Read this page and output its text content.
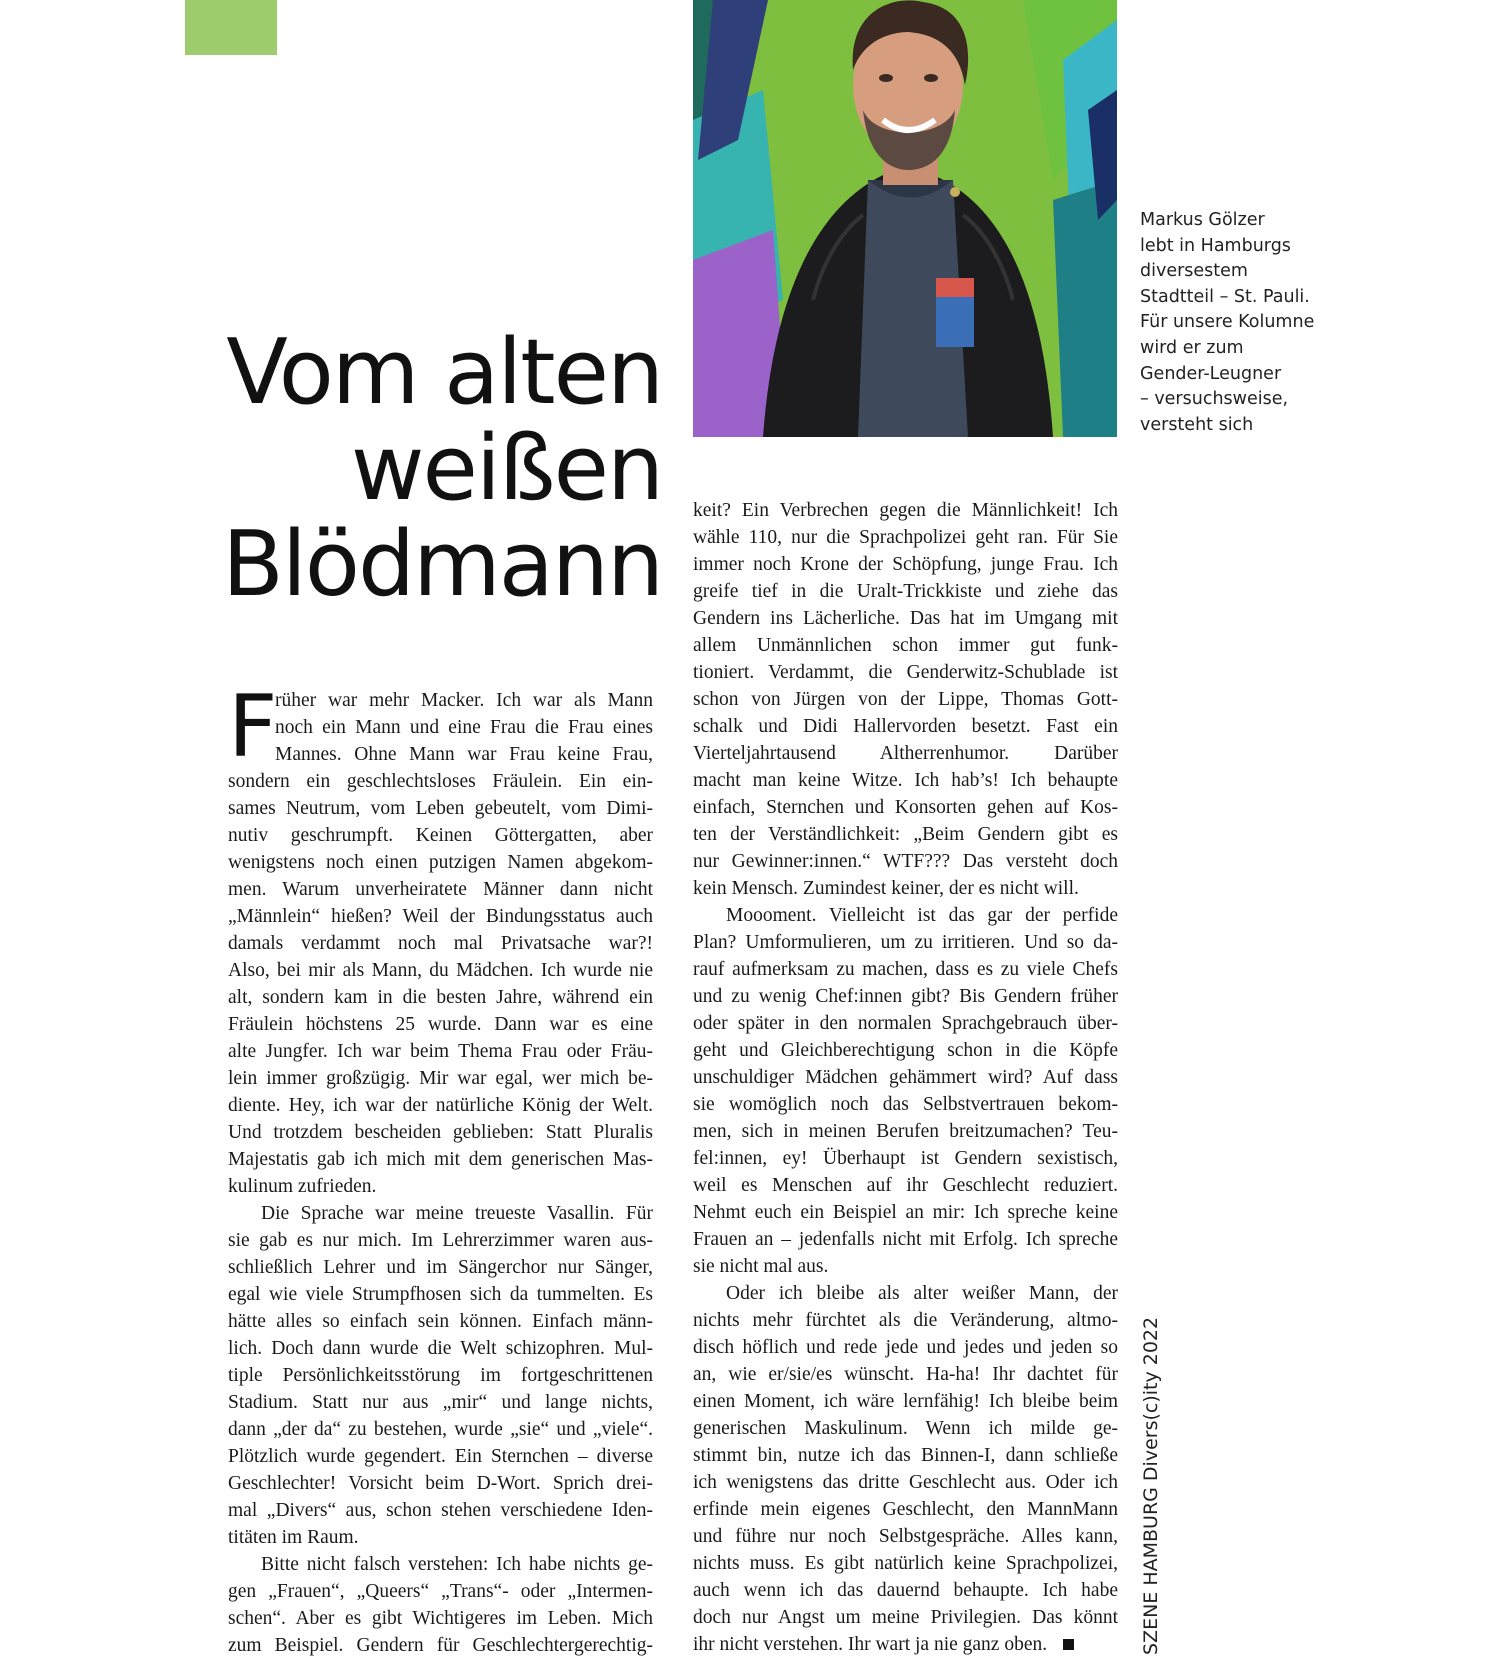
Markus Gölzer
lebt in Hamburgs
diversestem
Stadtteil – St. Pauli.
Für unsere Kolumne
wird er zum
Gender-Leugner
– versuchsweise,
versteht sich
Vom alten
weißen
Blödmann
F
rüher war mehr Macker. Ich war als Mann
noch ein Mann und eine Frau die Frau eines
Mannes. Ohne Mann war Frau keine Frau,
sondern ein geschlechtsloses Fräulein. Ein ein-
sames Neutrum, vom Leben gebeutelt, vom Dimi-
nutiv geschrumpft. Keinen Göttergatten, aber
wenigstens noch einen putzigen Namen abgekom-
men. Warum unverheiratete Männer dann nicht
„Männlein“ hießen? Weil der Bindungsstatus auch
damals verdammt noch mal Privatsache war?!
Also, bei mir als Mann, du Mädchen. Ich wurde nie
alt, sondern kam in die besten Jahre, während ein
Fräulein höchstens 25 wurde. Dann war es eine
alte Jungfer. Ich war beim Thema Frau oder Fräu-
lein immer großzügig. Mir war egal, wer mich be-
diente. Hey, ich war der natürliche König der Welt.
Und trotzdem bescheiden geblieben: Statt Pluralis
Majestatis gab ich mich mit dem generischen Mas-
kulinum zufrieden.
Die Sprache war meine treueste Vasallin. Für
sie gab es nur mich. Im Lehrerzimmer waren aus-
schließlich Lehrer und im Sängerchor nur Sänger,
egal wie viele Strumpfhosen sich da tummelten. Es
hätte alles so einfach sein können. Einfach männ-
lich. Doch dann wurde die Welt schizophren. Mul-
tiple Persönlichkeitsstörung im fortgeschrittenen
Stadium. Statt nur aus „mir“ und lange nichts,
dann „der da“ zu bestehen, wurde „sie“ und „viele“.
Plötzlich wurde gegendert. Ein Sternchen – diverse
Geschlechter! Vorsicht beim D-Wort. Sprich drei-
mal „Divers“ aus, schon stehen verschiedene Iden-
titäten im Raum.
Bitte nicht falsch verstehen: Ich habe nichts ge-
gen „Frauen“, „Queers“ „Trans“- oder „Intermen-
schen“. Aber es gibt Wichtigeres im Leben. Mich
zum Beispiel. Gendern für Geschlechtergerechtig-
keit? Ein Verbrechen gegen die Männlichkeit! Ich
wähle 110, nur die Sprachpolizei geht ran. Für Sie
immer noch Krone der Schöpfung, junge Frau. Ich
greife tief in die Uralt-Trickkiste und ziehe das
Gendern ins Lächerliche. Das hat im Umgang mit
allem Unmännlichen schon immer gut funk-
tioniert. Verdammt, die Genderwitz-Schublade ist
schon von Jürgen von der Lippe, Thomas Gott-
schalk und Didi Hallervorden besetzt. Fast ein
Vierteljahrtausend Altherrenhumor. Darüber
macht man keine Witze. Ich hab’s! Ich behaupte
einfach, Sternchen und Konsorten gehen auf Kos-
ten der Verständlichkeit: „Beim Gendern gibt es
nur Gewinner:innen.“ WTF??? Das versteht doch
kein Mensch. Zumindest keiner, der es nicht will.
Moooment. Vielleicht ist das gar der perfide
Plan? Umformulieren, um zu irritieren. Und so da-
rauf aufmerksam zu machen, dass es zu viele Chefs
und zu wenig Chef:innen gibt? Bis Gendern früher
oder später in den normalen Sprachgebrauch über-
geht und Gleichberechtigung schon in die Köpfe
unschuldiger Mädchen gehämmert wird? Auf dass
sie womöglich noch das Selbstvertrauen bekom-
men, sich in meinen Berufen breitzumachen? Teu-
fel:innen, ey! Überhaupt ist Gendern sexistisch,
weil es Menschen auf ihr Geschlecht reduziert.
Nehmt euch ein Beispiel an mir: Ich spreche keine
Frauen an – jedenfalls nicht mit Erfolg. Ich spreche
sie nicht mal aus.
Oder ich bleibe als alter weißer Mann, der
nichts mehr fürchtet als die Veränderung, altmo-
disch höflich und rede jede und jedes und jeden so
an, wie er/sie/es wünscht. Ha-ha! Ihr dachtet für
einen Moment, ich wäre lernfähig! Ich bleibe beim
generischen Maskulinum. Wenn ich milde ge-
stimmt bin, nutze ich das Binnen-I, dann schließe
ich wenigstens das dritte Geschlecht aus. Oder ich
erfinde mein eigenes Geschlecht, den MannMann
und führe nur noch Selbstgespräche. Alles kann,
nichts muss. Es gibt natürlich keine Sprachpolizei,
auch wenn ich das dauernd behaupte. Ich habe
doch nur Angst um meine Privilegien. Das könnt
ihr nicht verstehen. Ihr wart ja nie ganz oben.	SZENE HAMBURG Divers(c)ity 2022
